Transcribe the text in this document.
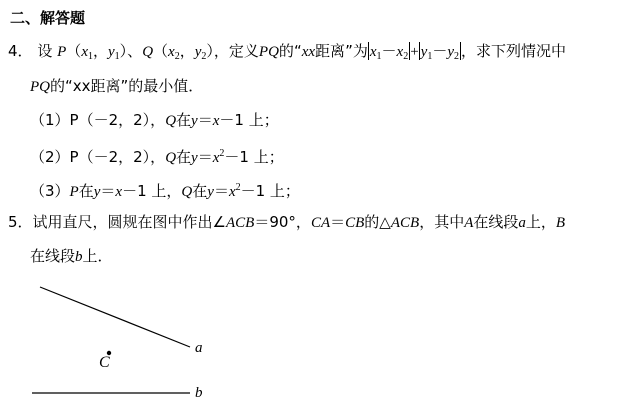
二、解答题
4． 设 $P(x_1$，$y_1$）、$Q(x_2$，$y_2$），定义PQ的“xx距离”为 $x_1-x_2 + y_1-y_2$ ，求下列情况中
PQ的“xx距离”的最小值．
（1）P（－2，2），Q在y＝x－1 上；
（2）P（－2，2），Q在$y=x^2-1$ 上；
（3）P在y＝x－1 上，Q在$y=x^2-1$ 上；
5．试用直尺，圆规在图中作出∠ACB＝90°，CA＝CB的△ACB，其中A在线段a上，B
在线段b上．
a
b
C
